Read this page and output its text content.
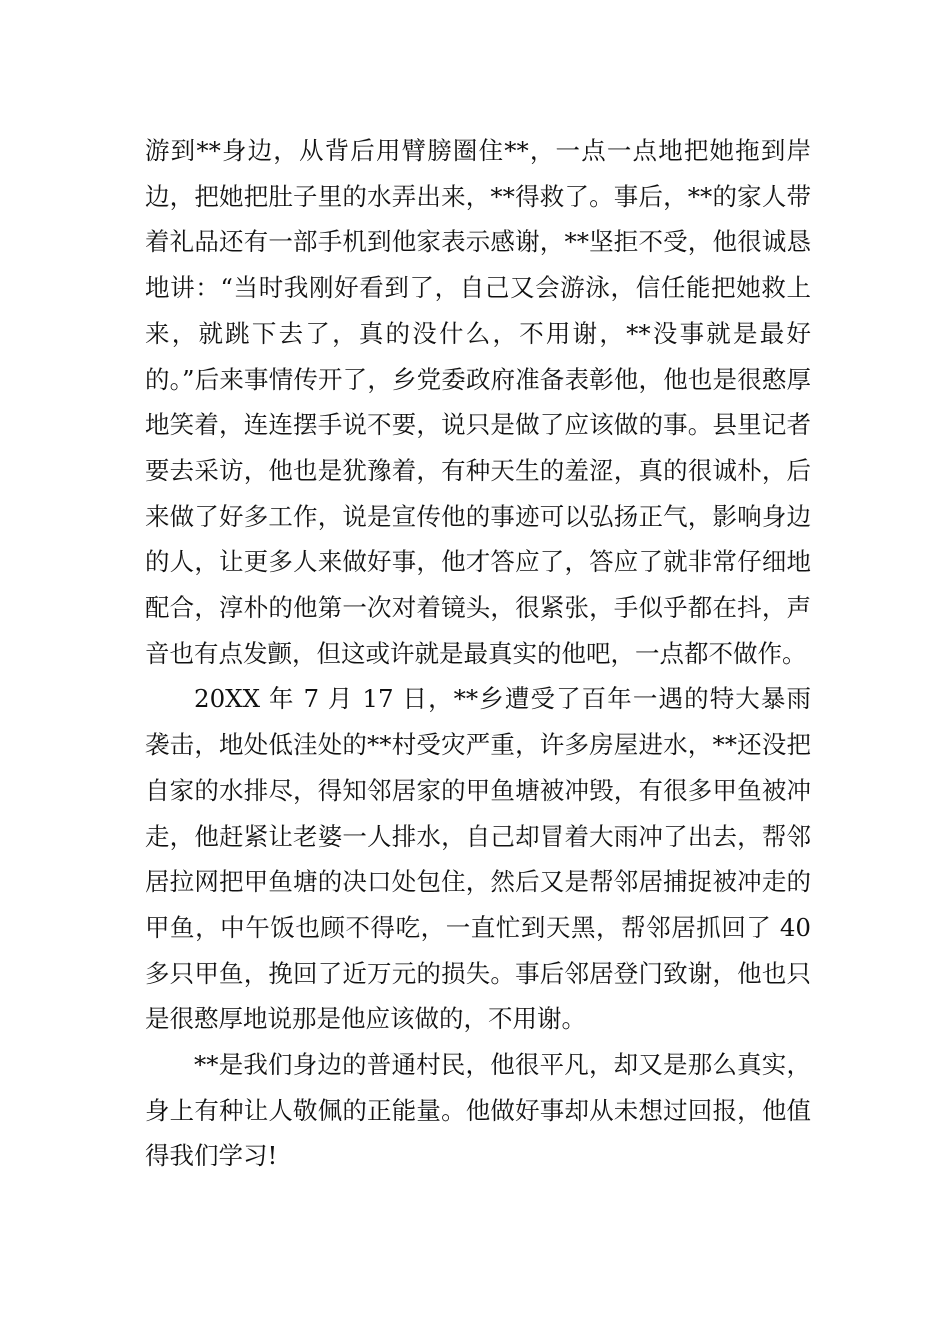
游到**身边，从背后用臂膀圈住**，一点一点地把她拖到岸边，把她把肚子里的水弄出来，**得救了。事后，**的家人带着礼品还有一部手机到他家表示感谢，**坚拒不受，他很诚恳地讲：“当时我刚好看到了，自己又会游泳，信任能把她救上来，就跳下去了，真的没什么，不用谢，**没事就是最好的。”后来事情传开了，乡党委政府准备表彰他，他也是很憨厚地笑着，连连摆手说不要，说只是做了应该做的事。县里记者要去采访，他也是犹豫着，有种天生的羞涩，真的很诚朴，后来做了好多工作，说是宣传他的事迹可以弘扬正气，影响身边的人，让更多人来做好事，他才答应了，答应了就非常仔细地配合，淳朴的他第一次对着镜头，很紧张，手似乎都在抖，声音也有点发颤，但这或许就是最真实的他吧，一点都不做作。

20XX 年 7 月 17 日，**乡遭受了百年一遇的特大暴雨袭击，地处低洼处的**村受灾严重，许多房屋进水，**还没把自家的水排尽，得知邻居家的甲鱼塘被冲毁，有很多甲鱼被冲走，他赶紧让老婆一人排水，自己却冒着大雨冲了出去，帮邻居拉网把甲鱼塘的决口处包住，然后又是帮邻居捕捉被冲走的甲鱼，中午饭也顾不得吃，一直忙到天黑，帮邻居抓回了 40 多只甲鱼，挽回了近万元的损失。事后邻居登门致谢，他也只是很憨厚地说那是他应该做的，不用谢。

**是我们身边的普通村民，他很平凡，却又是那么真实，身上有种让人敬佩的正能量。他做好事却从未想过回报，他值得我们学习!
